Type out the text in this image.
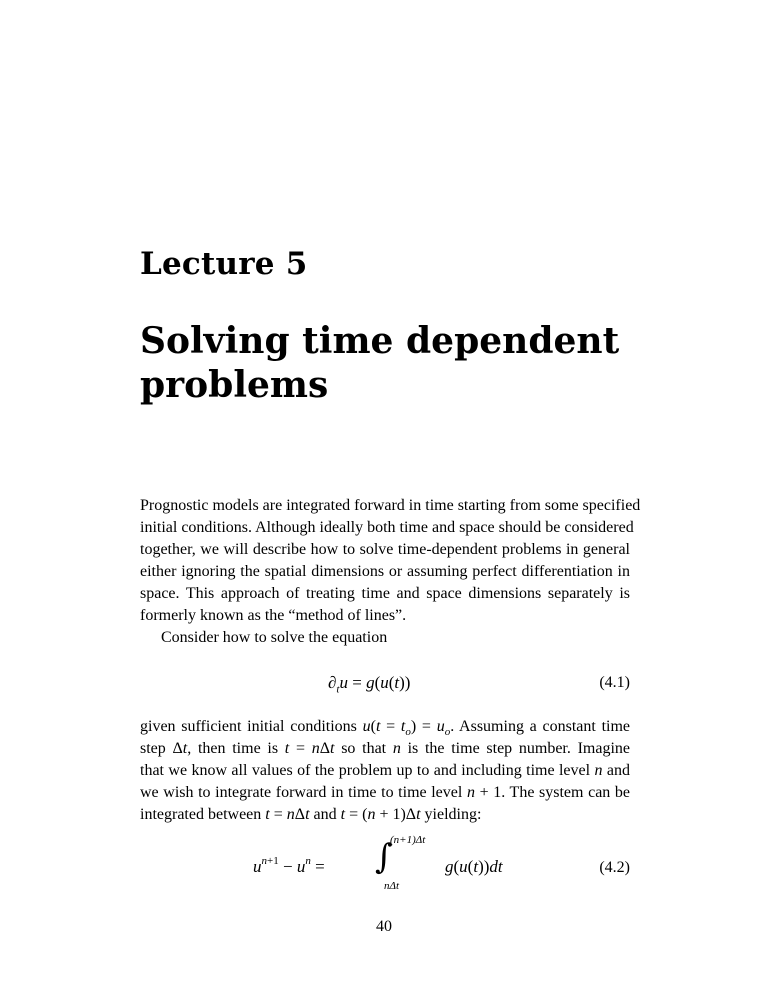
Lecture 5
Solving time dependent problems
Prognostic models are integrated forward in time starting from some specified
initial conditions. Although ideally both time and space should be considered
together, we will describe how to solve time-dependent problems in general
either ignoring the spatial dimensions or assuming perfect differentiation in
space. This approach of treating time and space dimensions separately is
formerly known as the “method of lines”.
Consider how to solve the equation
$\partial_tu = g(u(t))$	(4.1)
given sufficient initial conditions $u(t = t_o) = u_o$. Assuming a constant time
step Δt, then time is t = nΔt so that n is the time step number. Imagine
that we know all values of the problem up to and including time level n and
we wish to integrate forward in time to time level n + 1. The system can be
integrated between t = nΔt and t = (n + 1)Δt yielding:
$u^{n+1} - u^n$ = ∫
(n+1)Δt
nΔt
g(u(t))dt	(4.2)
40
